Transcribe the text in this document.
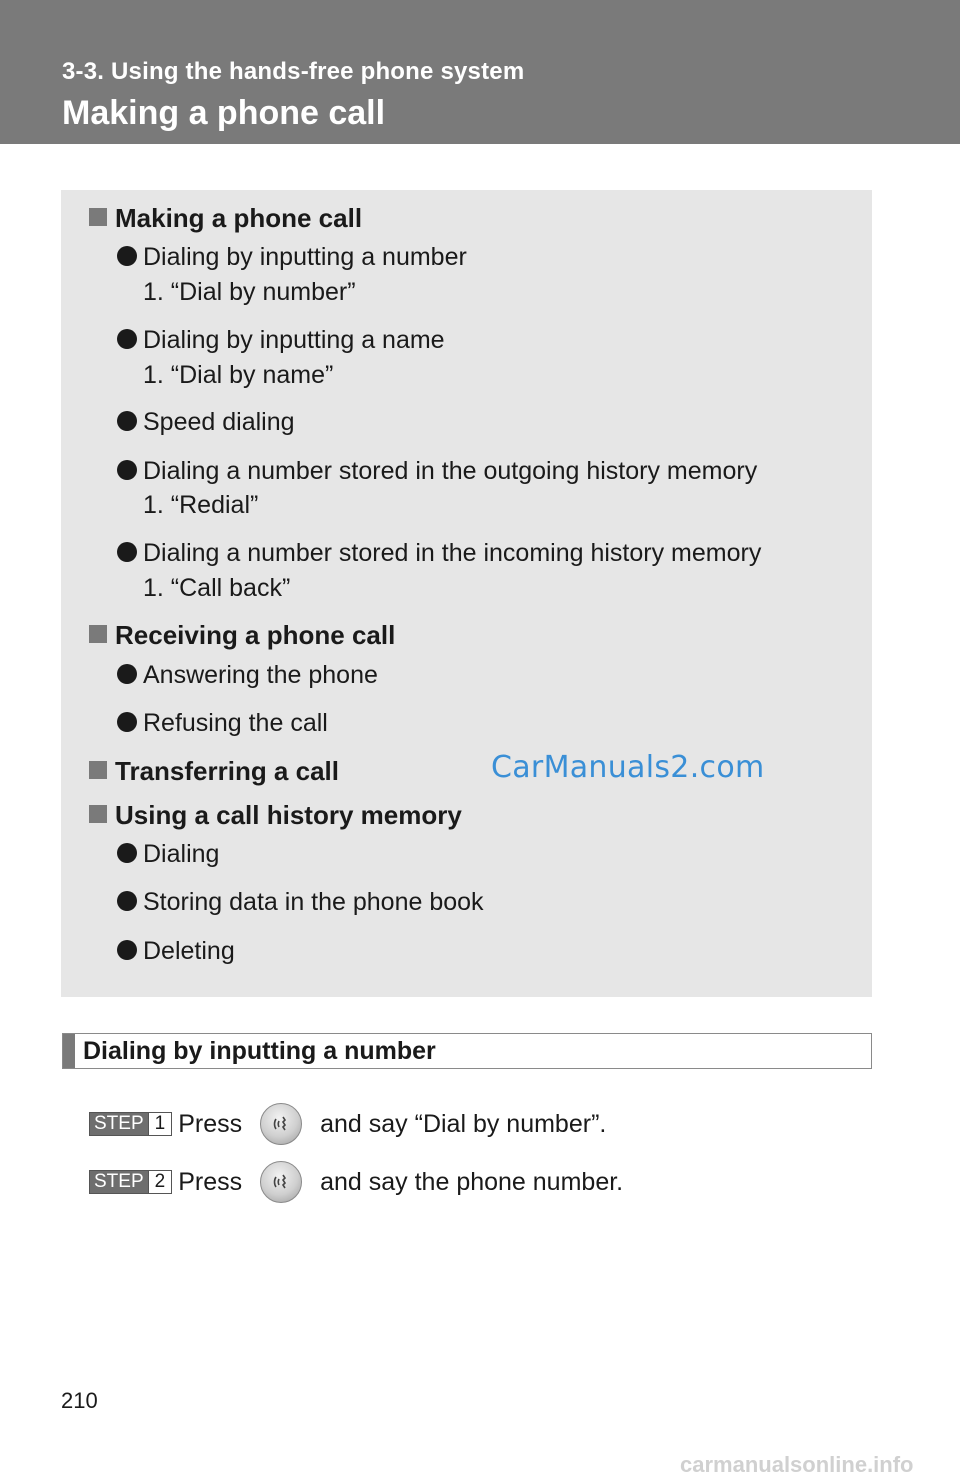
3-3. Using the hands-free phone system
Making a phone call
Making a phone call
Dialing by inputting a number
1. “Dial by number”
Dialing by inputting a name
1. “Dial by name”
Speed dialing
Dialing a number stored in the outgoing history memory
1. “Redial”
Dialing a number stored in the incoming history memory
1. “Call back”
Receiving a phone call
Answering the phone
Refusing the call
Transferring a call
Using a call history memory
Dialing
Storing data in the phone book
Deleting
CarManuals2.com
Dialing by inputting a number
STEP 1 Press	and say “Dial by number”.
STEP 2 Press	and say the phone number.
210
carmanualsonline.info
